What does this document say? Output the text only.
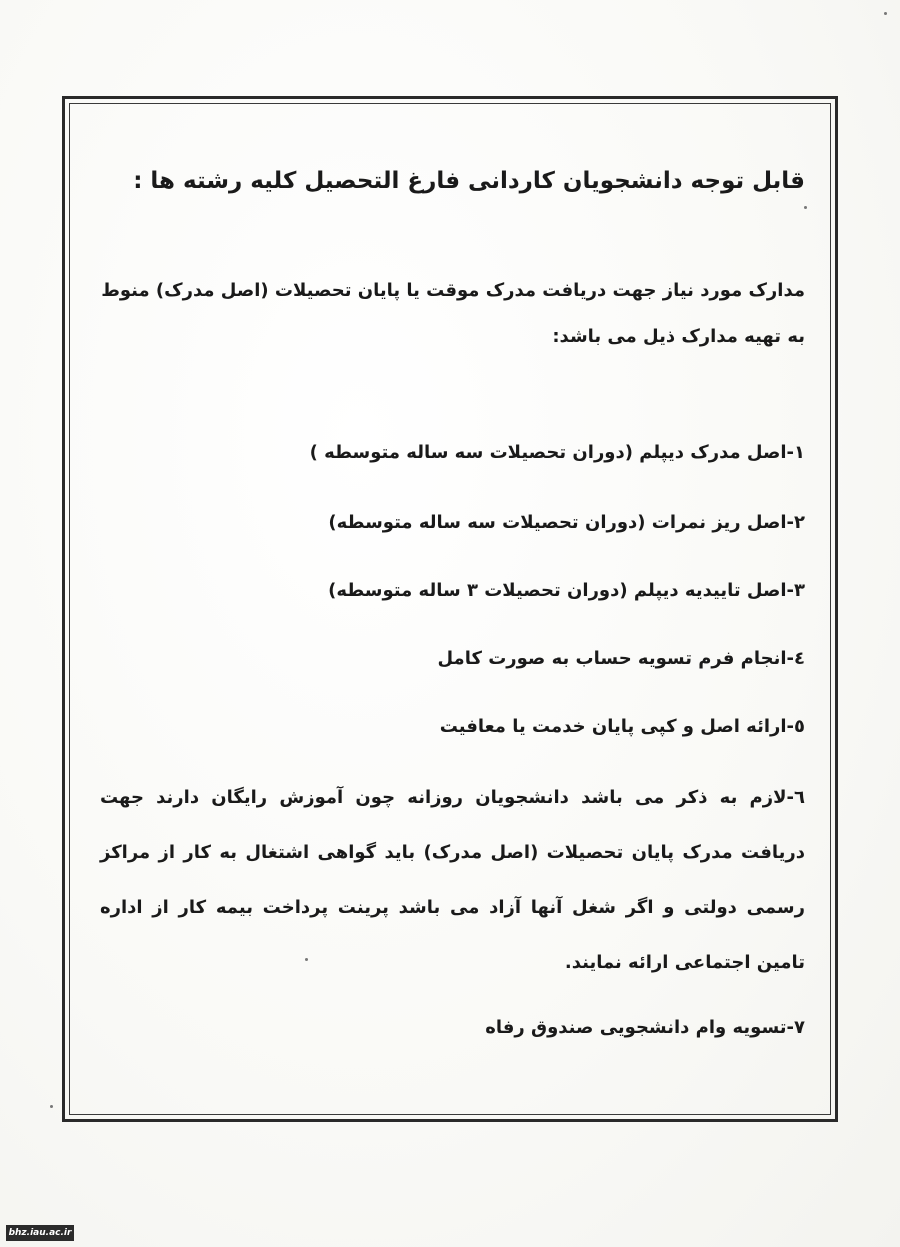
قابل توجه دانشجویان کاردانی فارغ التحصیل کلیه رشته ها :

مدارک مورد نیاز جهت دریافت مدرک موقت یا پایان تحصیلات (اصل مدرک) منوط به تهیه مدارک ذیل می باشد:

۱-اصل مدرک دیپلم (دوران تحصیلات سه ساله متوسطه )

۲-اصل ریز نمرات (دوران تحصیلات سه ساله متوسطه)

۳-اصل تاییدیه دیپلم (دوران تحصیلات ۳ ساله متوسطه)

٤-انجام فرم تسویه حساب به صورت کامل

٥-ارائه اصل و کپی پایان خدمت یا معافیت

٦-لازم به ذکر می باشد دانشجویان روزانه چون آموزش رایگان دارند جهت دریافت مدرک پایان تحصیلات (اصل مدرک) باید گواهی اشتغال به کار از مراکز رسمی دولتی و اگر شغل آنها آزاد می باشد پرینت پرداخت بیمه کار از اداره تامین اجتماعی ارائه نمایند.

۷-تسویه وام دانشجویی صندوق رفاه

bhz.iau.ac.ir
